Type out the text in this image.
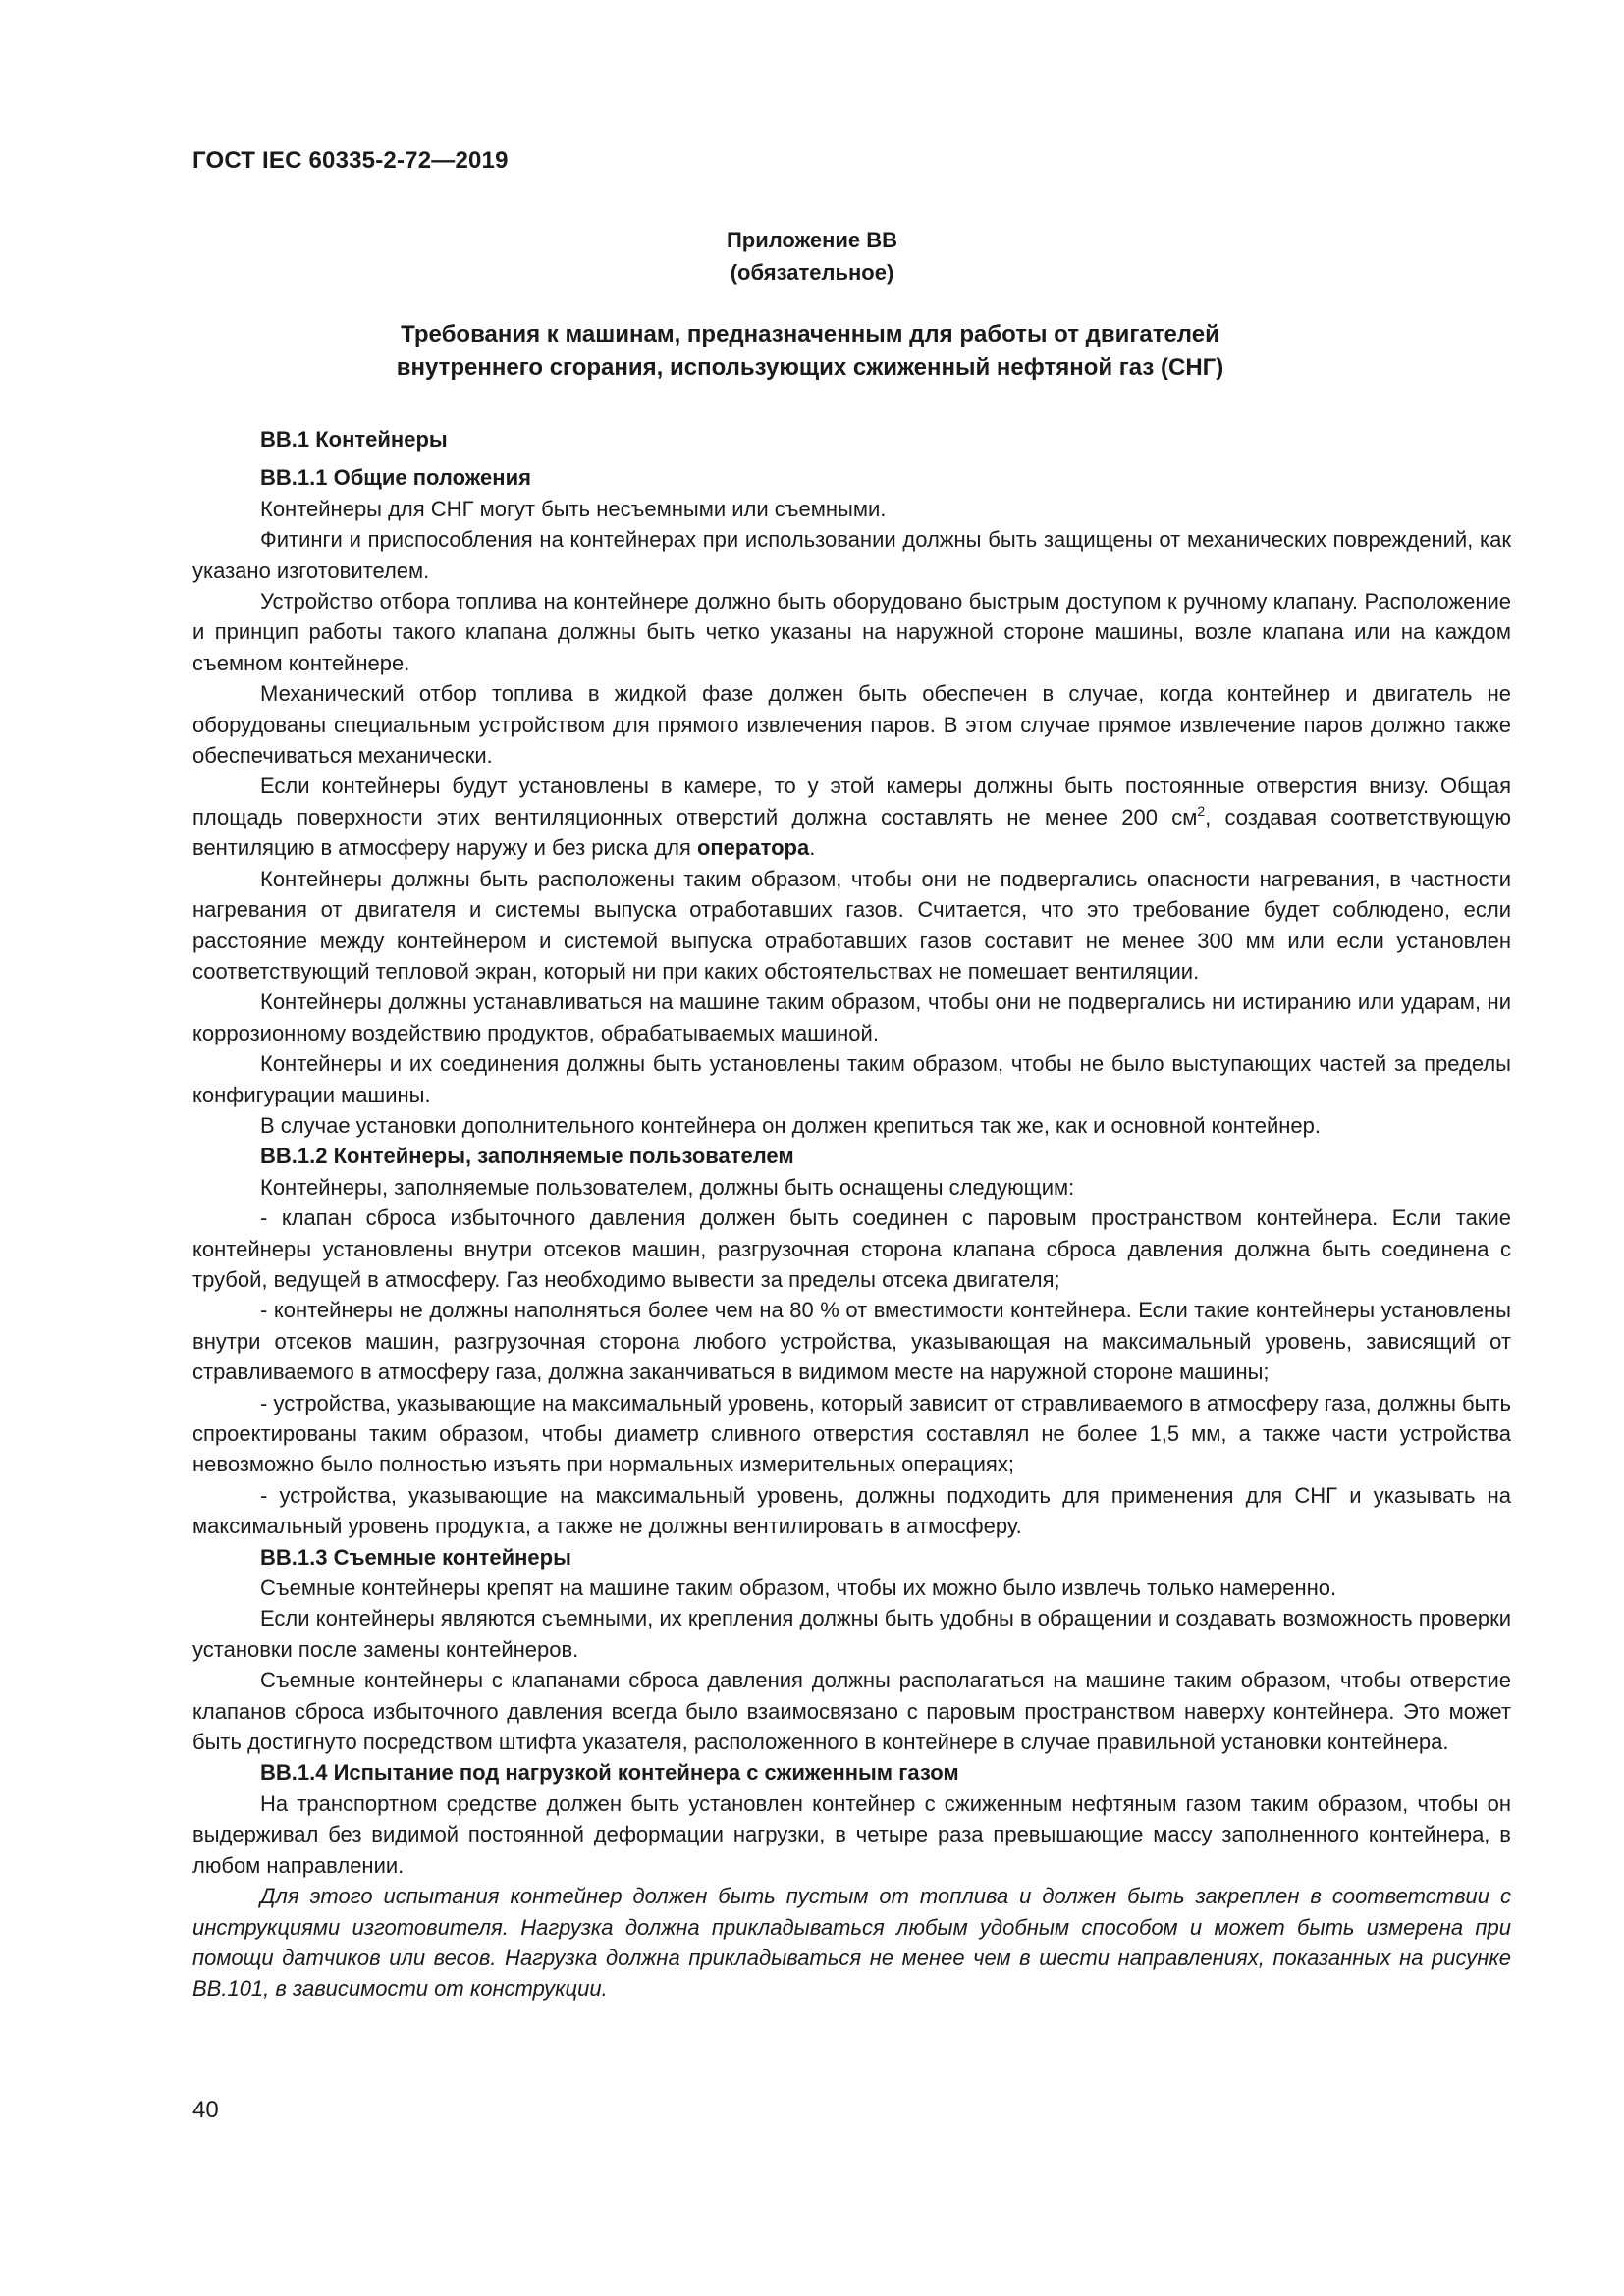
ГОСТ IEC 60335-2-72—2019
Приложение ВВ
(обязательное)
Требования к машинам, предназначенным для работы от двигателей
внутреннего сгорания, использующих сжиженный нефтяной газ (СНГ)
ВВ.1 Контейнеры
ВВ.1.1 Общие положения

Контейнеры для СНГ могут быть несъемными или съемными.

Фитинги и приспособления на контейнерах при использовании должны быть защищены от механических повреждений, как указано изготовителем.

Устройство отбора топлива на контейнере должно быть оборудовано быстрым доступом к ручному клапану. Расположение и принцип работы такого клапана должны быть четко указаны на наружной стороне машины, возле клапана или на каждом съемном контейнере.

Механический отбор топлива в жидкой фазе должен быть обеспечен в случае, когда контейнер и двигатель не оборудованы специальным устройством для прямого извлечения паров. В этом случае прямое извлечение паров должно также обеспечиваться механически.

Если контейнеры будут установлены в камере, то у этой камеры должны быть постоянные отверстия внизу. Общая площадь поверхности этих вентиляционных отверстий должна составлять не менее 200 $см^2$, создавая соответствующую вентиляцию в атмосферу наружу и без риска для оператора.

Контейнеры должны быть расположены таким образом, чтобы они не подвергались опасности нагревания, в частности нагревания от двигателя и системы выпуска отработавших газов. Считается, что это требование будет соблюдено, если расстояние между контейнером и системой выпуска отработавших газов составит не менее 300 мм или если установлен соответствующий тепловой экран, который ни при каких обстоятельствах не помешает вентиляции.

Контейнеры должны устанавливаться на машине таким образом, чтобы они не подвергались ни истиранию или ударам, ни коррозионному воздействию продуктов, обрабатываемых машиной.

Контейнеры и их соединения должны быть установлены таким образом, чтобы не было выступающих частей за пределы конфигурации машины.

В случае установки дополнительного контейнера он должен крепиться так же, как и основной контейнер.

ВВ.1.2 Контейнеры, заполняемые пользователем

Контейнеры, заполняемые пользователем, должны быть оснащены следующим:

- клапан сброса избыточного давления должен быть соединен с паровым пространством контейнера. Если такие контейнеры установлены внутри отсеков машин, разгрузочная сторона клапана сброса давления должна быть соединена с трубой, ведущей в атмосферу. Газ необходимо вывести за пределы отсека двигателя;

- контейнеры не должны наполняться более чем на 80 % от вместимости контейнера. Если такие контейнеры установлены внутри отсеков машин, разгрузочная сторона любого устройства, указывающая на максимальный уровень, зависящий от стравливаемого в атмосферу газа, должна заканчиваться в видимом месте на наружной стороне машины;

- устройства, указывающие на максимальный уровень, который зависит от стравливаемого в атмосферу газа, должны быть спроектированы таким образом, чтобы диаметр сливного отверстия составлял не более 1,5 мм, а также части устройства невозможно было полностью изъять при нормальных измерительных операциях;

- устройства, указывающие на максимальный уровень, должны подходить для применения для СНГ и указывать на максимальный уровень продукта, а также не должны вентилировать в атмосферу.

ВВ.1.3 Съемные контейнеры

Съемные контейнеры крепят на машине таким образом, чтобы их можно было извлечь только намеренно.

Если контейнеры являются съемными, их крепления должны быть удобны в обращении и создавать возможность проверки установки после замены контейнеров.

Съемные контейнеры с клапанами сброса давления должны располагаться на машине таким образом, чтобы отверстие клапанов сброса избыточного давления всегда было взаимосвязано с паровым пространством наверху контейнера. Это может быть достигнуто посредством штифта указателя, расположенного в контейнере в случае правильной установки контейнера.

ВВ.1.4 Испытание под нагрузкой контейнера с сжиженным газом

На транспортном средстве должен быть установлен контейнер с сжиженным нефтяным газом таким образом, чтобы он выдерживал без видимой постоянной деформации нагрузки, в четыре раза превышающие массу заполненного контейнера, в любом направлении.

Для этого испытания контейнер должен быть пустым от топлива и должен быть закреплен в соответствии с инструкциями изготовителя. Нагрузка должна прикладываться любым удобным способом и может быть измерена при помощи датчиков или весов. Нагрузка должна прикладываться не менее чем в шести направлениях, показанных на рисунке ВВ.101, в зависимости от конструкции.

40
